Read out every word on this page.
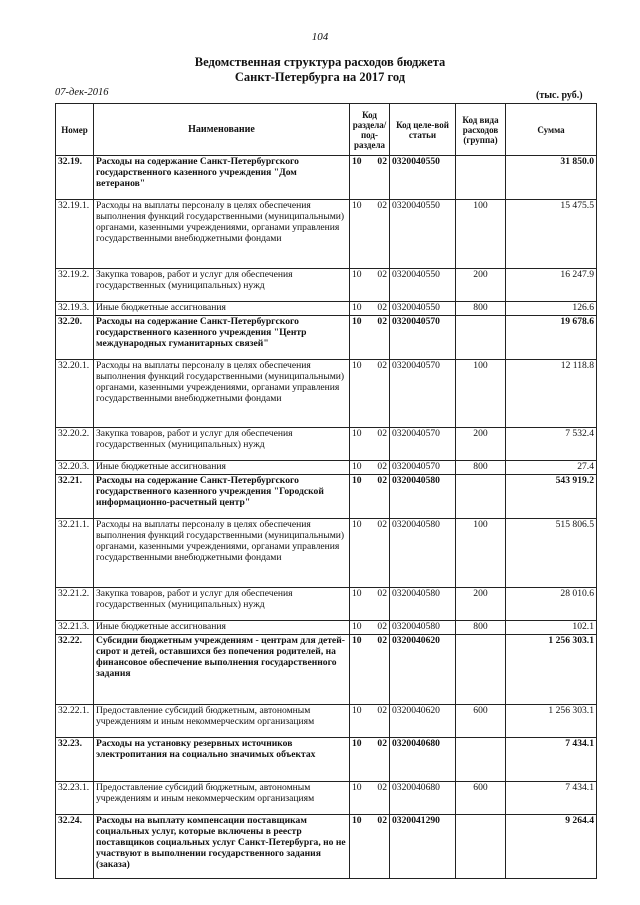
104
Ведомственная структура расходов бюджета
Санкт-Петербурга на 2017 год
07-дек-2016	(тыс. руб.)
Номер	Наименование	Код раздела/ под-раздела	Код целе-вой статьи	Код вида расходов (группа)	Сумма
32.19.	Расходы на содержание Санкт-Петербургского государственного казенного учреждения "Дом ветеранов"	10 02	0320040550		31 850.0
32.19.1.	Расходы на выплаты персоналу в целях обеспечения выполнения функций государственными (муниципальными) органами, казенными учреждениями, органами управления государственными внебюджетными фондами	10 02	0320040550	100	15 475.5
32.19.2.	Закупка товаров, работ и услуг для обеспечения государственных (муниципальных) нужд	10 02	0320040550	200	16 247.9
32.19.3.	Иные бюджетные ассигнования	10 02	0320040550	800	126.6
32.20.	Расходы на содержание Санкт-Петербургского государственного казенного учреждения "Центр международных гуманитарных связей"	10 02	0320040570		19 678.6
32.20.1.	Расходы на выплаты персоналу в целях обеспечения выполнения функций государственными (муниципальными) органами, казенными учреждениями, органами управления государственными внебюджетными фондами	10 02	0320040570	100	12 118.8
32.20.2.	Закупка товаров, работ и услуг для обеспечения государственных (муниципальных) нужд	10 02	0320040570	200	7 532.4
32.20.3.	Иные бюджетные ассигнования	10 02	0320040570	800	27.4
32.21.	Расходы на содержание Санкт-Петербургского государственного казенного учреждения "Городской информационно-расчетный центр"	10 02	0320040580		543 919.2
32.21.1.	Расходы на выплаты персоналу в целях обеспечения выполнения функций государственными (муниципальными) органами, казенными учреждениями, органами управления государственными внебюджетными фондами	10 02	0320040580	100	515 806.5
32.21.2.	Закупка товаров, работ и услуг для обеспечения государственных (муниципальных) нужд	10 02	0320040580	200	28 010.6
32.21.3.	Иные бюджетные ассигнования	10 02	0320040580	800	102.1
32.22.	Субсидии бюджетным учреждениям - центрам для детей-сирот и детей, оставшихся без попечения родителей, на финансовое обеспечение выполнения государственного задания	10 02	0320040620		1 256 303.1
32.22.1.	Предоставление субсидий бюджетным, автономным учреждениям и иным некоммерческим организациям	10 02	0320040620	600	1 256 303.1
32.23.	Расходы на установку резервных источников электропитания на социально значимых объектах	10 02	0320040680		7 434.1
32.23.1.	Предоставление субсидий бюджетным, автономным учреждениям и иным некоммерческим организациям	10 02	0320040680	600	7 434.1
32.24.	Расходы на выплату компенсации поставщикам социальных услуг, которые включены в реестр поставщиков социальных услуг Санкт-Петербурга, но не участвуют в выполнении государственного задания (заказа)	10 02	0320041290		9 264.4
